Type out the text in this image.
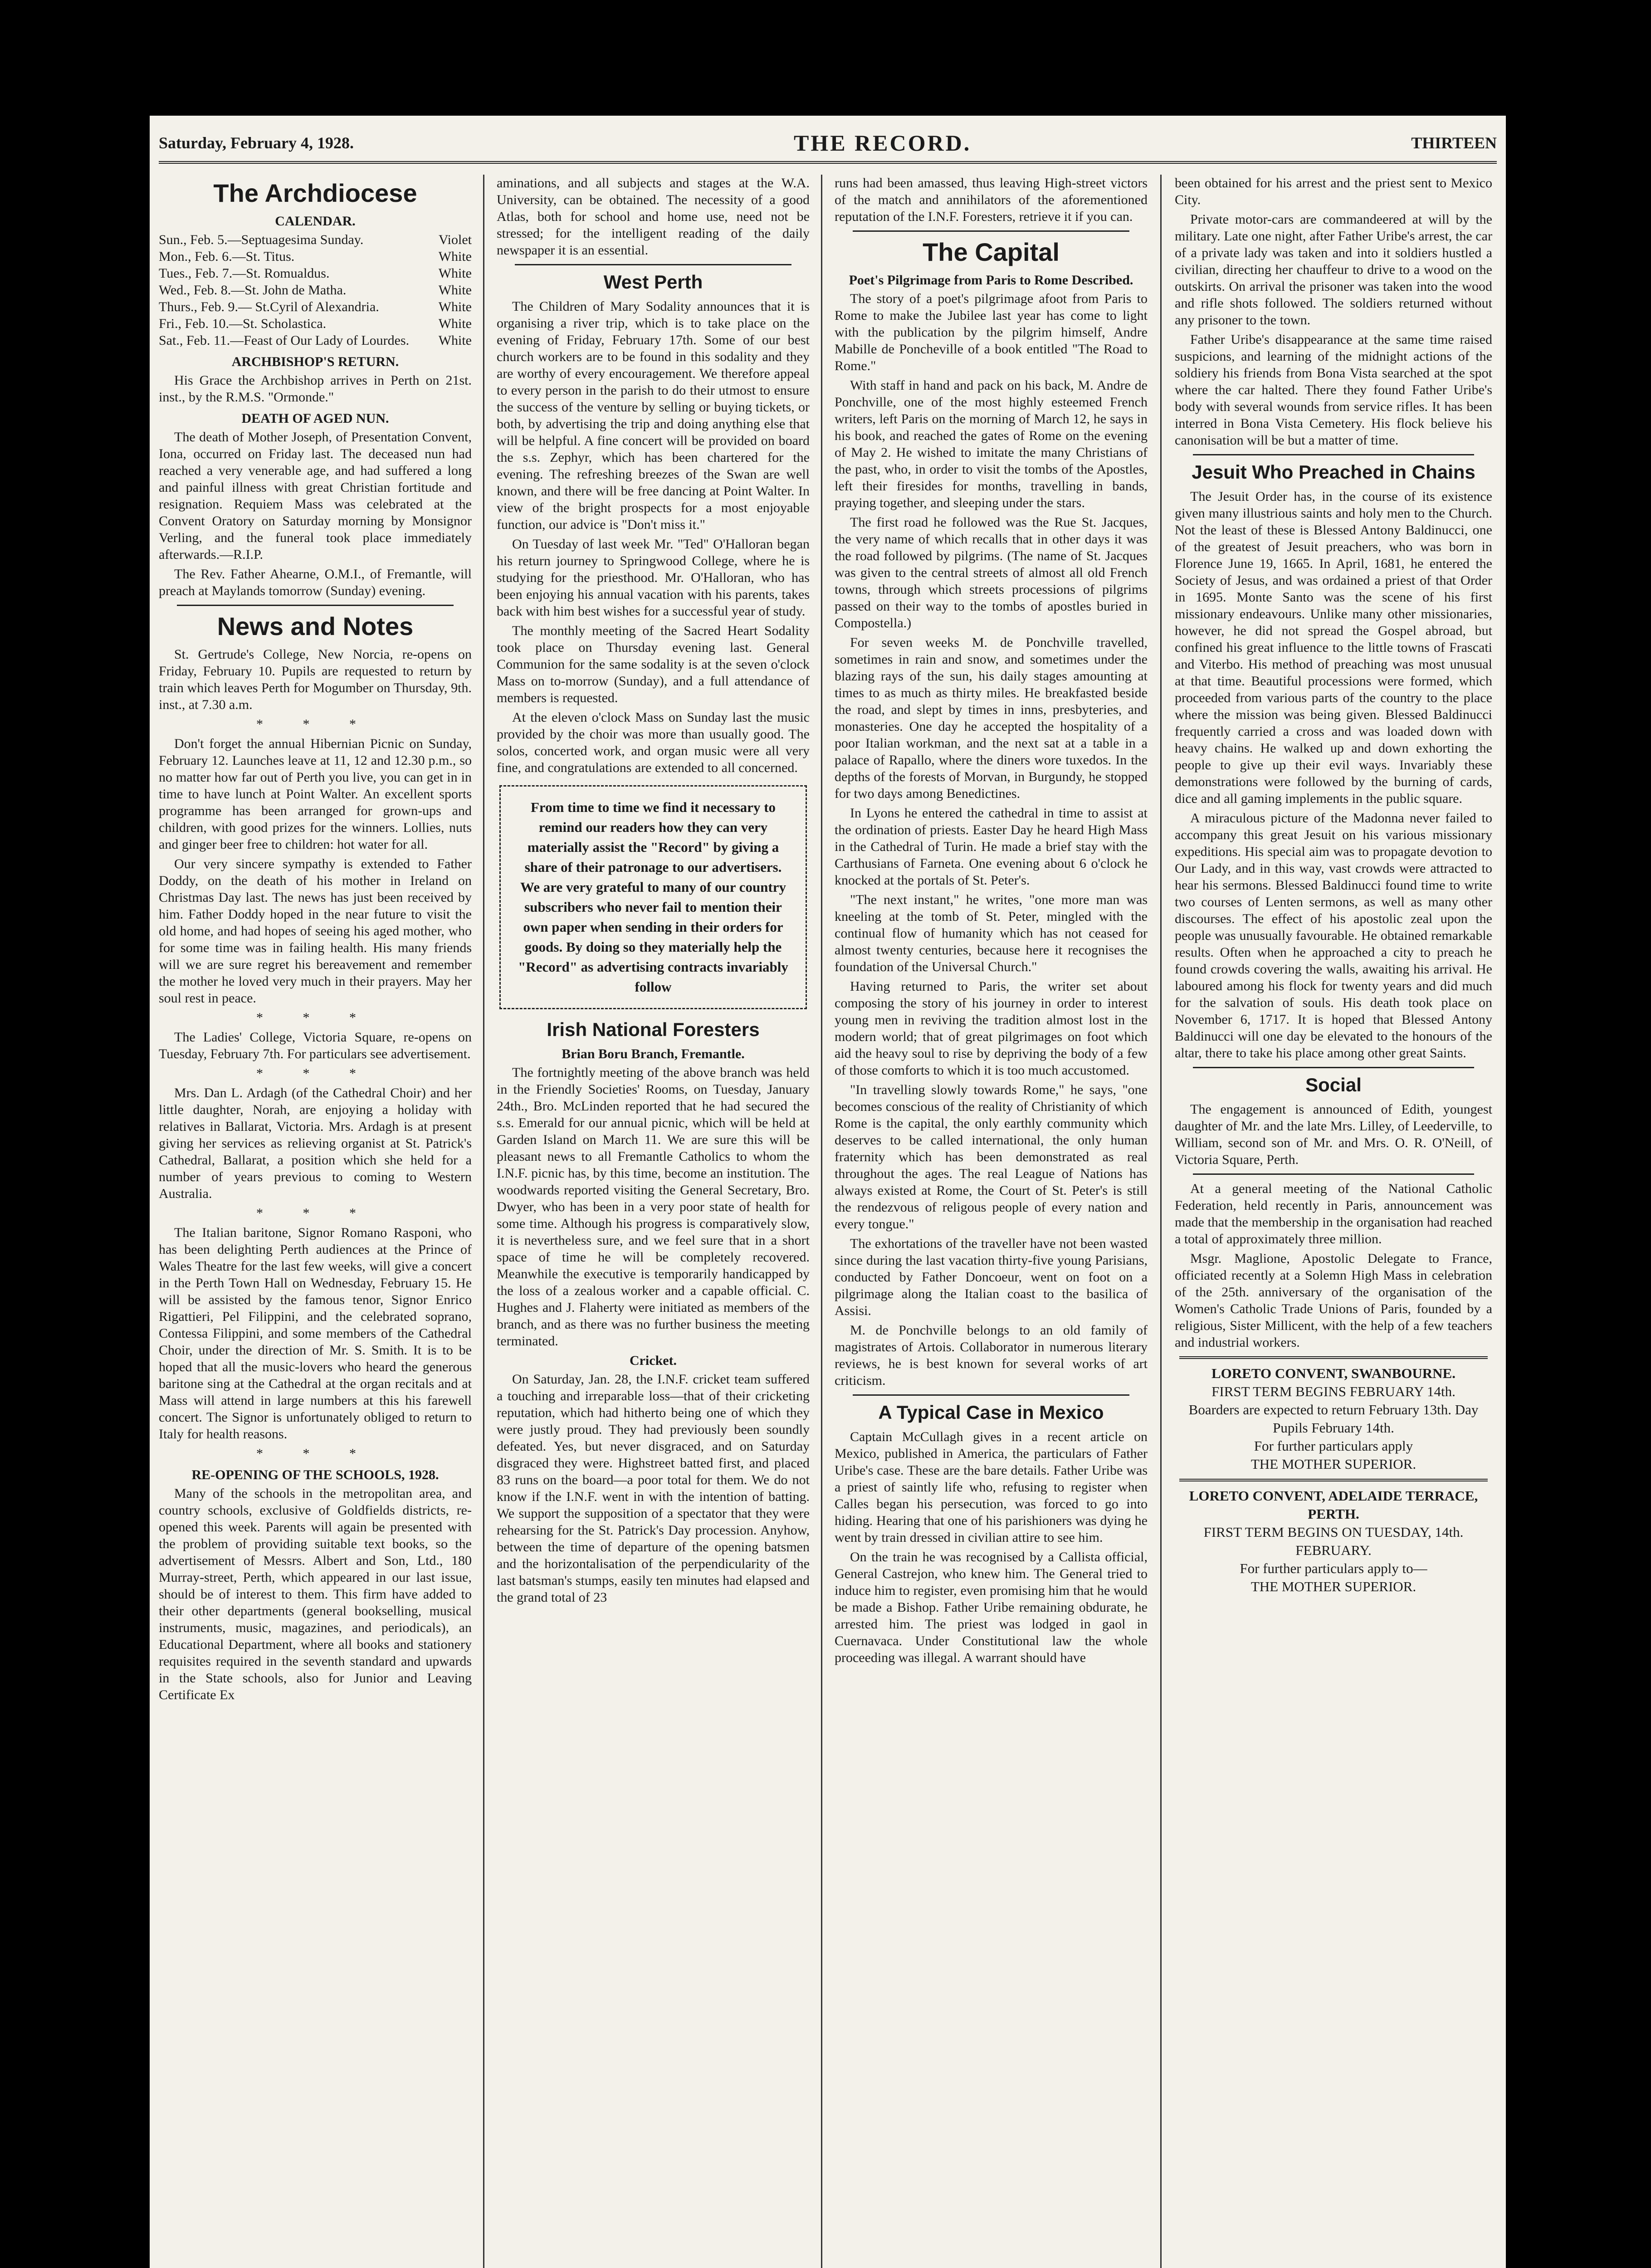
Saturday, February 4, 1928.	THE RECORD.	THIRTEEN
The Archdiocese
CALENDAR.
Sun., Feb. 5.—Septuagesima Sunday.	Violet
Mon., Feb. 6.—St. Titus.	White
Tues., Feb. 7.—St. Romualdus.	White
Wed., Feb. 8.—St. John de Matha.	White
Thurs., Feb. 9.— St.Cyril of Alexandria.	White
Fri., Feb. 10.—St. Scholastica.	White
Sat., Feb. 11.—Feast of Our Lady of Lourdes. White
ARCHBISHOP'S RETURN.

His Grace the Archbishop arrives in Perth on 21st. inst., by the R.M.S. "Ormonde."

DEATH OF AGED NUN.

The death of Mother Joseph, of Presentation Convent, Iona, occurred on Friday last. The deceased nun had reached a very venerable age, and had suffered a long and painful illness with great Christian fortitude and resignation. Requiem Mass was celebrated at the Convent Oratory on Saturday morning by Monsignor Verling, and the funeral took place immediately afterwards.—R.I.P.

The Rev. Father Ahearne, O.M.I., of Fremantle, will preach at Maylands tomorrow (Sunday) evening.

News and Notes

St. Gertrude's College, New Norcia, re-opens on Friday, February 10. Pupils are requested to return by train which leaves Perth for Mogumber on Thursday, 9th. inst., at 7.30 a.m.

* * *

Don't forget the annual Hibernian Picnic on Sunday, February 12. Launches leave at 11, 12 and 12.30 p.m., so no matter how far out of Perth you live, you can get in in time to have lunch at Point Walter. An excellent sports programme has been arranged for grown-ups and children, with good prizes for the winners. Lollies, nuts and ginger beer free to children: hot water for all.

Our very sincere sympathy is extended to Father Doddy, on the death of his mother in Ireland on Christmas Day last. The news has just been received by him. Father Doddy hoped in the near future to visit the old home, and had hopes of seeing his aged mother, who for some time was in failing health. His many friends will we are sure regret his bereavement and remember the mother he loved very much in their prayers. May her soul rest in peace.

* * *

The Ladies' College, Victoria Square, re-opens on Tuesday, February 7th. For particulars see advertisement.

* * *

Mrs. Dan L. Ardagh (of the Cathedral Choir) and her little daughter, Norah, are enjoying a holiday with relatives in Ballarat, Victoria. Mrs. Ardagh is at present giving her services as relieving organist at St. Patrick's Cathedral, Ballarat, a position which she held for a number of years previous to coming to Western Australia.

* * *

The Italian baritone, Signor Romano Rasponi, who has been delighting Perth audiences at the Prince of Wales Theatre for the last few weeks, will give a concert in the Perth Town Hall on Wednesday, February 15. He will be assisted by the famous tenor, Signor Enrico Rigattieri, Pel Filippini, and the celebrated soprano, Contessa Filippini, and some members of the Cathedral Choir, under the direction of Mr. S. Smith. It is to be hoped that all the music-lovers who heard the generous baritone sing at the Cathedral at the organ recitals and at Mass will attend in large numbers at this his farewell concert. The Signor is unfortunately obliged to return to Italy for health reasons.

* * *
RE-OPENING OF THE SCHOOLS, 1928.

Many of the schools in the metropolitan area, and country schools, exclusive of Goldfields districts, re-opened this week. Parents will again be presented with the problem of providing suitable text books, so the advertisement of Messrs. Albert and Son, Ltd., 180 Murray-street, Perth, which appeared in our last issue, should be of interest to them. This firm have added to their other departments (general bookselling, musical instruments, music, magazines, and periodicals), an Educational Department, where all books and stationery requisites required in the seventh standard and upwards in the State schools, also for Junior and Leaving Certificate Ex

aminations, and all subjects and stages at the W.A. University, can be obtained. The necessity of a good Atlas, both for school and home use, need not be stressed; for the intelligent reading of the daily newspaper it is an essential.

West Perth

The Children of Mary Sodality announces that it is organising a river trip, which is to take place on the evening of Friday, February 17th. Some of our best church workers are to be found in this sodality and they are worthy of every encouragement. We therefore appeal to every person in the parish to do their utmost to ensure the success of the venture by selling or buying tickets, or both, by advertising the trip and doing anything else that will be helpful. A fine concert will be provided on board the s.s. Zephyr, which has been chartered for the evening. The refreshing breezes of the Swan are well known, and there will be free dancing at Point Walter. In view of the bright prospects for a most enjoyable function, our advice is "Don't miss it."

On Tuesday of last week Mr. "Ted" O'Halloran began his return journey to Springwood College, where he is studying for the priesthood. Mr. O'Halloran, who has been enjoying his annual vacation with his parents, takes back with him best wishes for a successful year of study.

The monthly meeting of the Sacred Heart Sodality took place on Thursday evening last. General Communion for the same sodality is at the seven o'clock Mass on to-morrow (Sunday), and a full attendance of members is requested.

At the eleven o'clock Mass on Sunday last the music provided by the choir was more than usually good. The solos, concerted work, and organ music were all very fine, and congratulations are extended to all concerned.

From time to time we find it necessary to remind our readers how they can very materially assist the "Record" by giving a share of their patronage to our advertisers. We are very grateful to many of our country subscribers who never fail to mention their own paper when sending in their orders for goods. By doing so they materially help the "Record" as advertising contracts invariably follow
Irish National Foresters
Brian Boru Branch, Fremantle.

The fortnightly meeting of the above branch was held in the Friendly Societies' Rooms, on Tuesday, January 24th., Bro. McLinden reported that he had secured the s.s. Emerald for our annual picnic, which will be held at Garden Island on March 11. We are sure this will be pleasant news to all Fremantle Catholics to whom the I.N.F. picnic has, by this time, become an institution. The woodwards reported visiting the General Secretary, Bro. Dwyer, who has been in a very poor state of health for some time. Although his progress is comparatively slow, it is nevertheless sure, and we feel sure that in a short space of time he will be completely recovered. Meanwhile the executive is temporarily handicapped by the loss of a zealous worker and a capable official. C. Hughes and J. Flaherty were initiated as members of the branch, and as there was no further business the meeting terminated.

Cricket.

On Saturday, Jan. 28, the I.N.F. cricket team suffered a touching and irreparable loss—that of their cricketing reputation, which had hitherto being one of which they were justly proud. They had previously been soundly defeated. Yes, but never disgraced, and on Saturday disgraced they were. Highstreet batted first, and placed 83 runs on the board—a poor total for them. We do not know if the I.N.F. went in with the intention of batting. We support the supposition of a spectator that they were rehearsing for the St. Patrick's Day procession. Anyhow, between the time of departure of the opening batsmen and the horizontalisation of the perpendicularity of the last batsman's stumps, easily ten minutes had elapsed and the grand total of 23

runs had been amassed, thus leaving High-street victors of the match and annihilators of the aforementioned reputation of the I.N.F. Foresters, retrieve it if you can.

The Capital
Poet's Pilgrimage from Paris to Rome Described.

The story of a poet's pilgrimage afoot from Paris to Rome to make the Jubilee last year has come to light with the publication by the pilgrim himself, Andre Mabille de Poncheville of a book entitled "The Road to Rome."

With staff in hand and pack on his back, M. Andre de Ponchville, one of the most highly esteemed French writers, left Paris on the morning of March 12, he says in his book, and reached the gates of Rome on the evening of May 2. He wished to imitate the many Christians of the past, who, in order to visit the tombs of the Apostles, left their firesides for months, travelling in bands, praying together, and sleeping under the stars.

The first road he followed was the Rue St. Jacques, the very name of which recalls that in other days it was the road followed by pilgrims. (The name of St. Jacques was given to the central streets of almost all old French towns, through which streets processions of pilgrims passed on their way to the tombs of apostles buried in Compostella.)

For seven weeks M. de Ponchville travelled, sometimes in rain and snow, and sometimes under the blazing rays of the sun, his daily stages amounting at times to as much as thirty miles. He breakfasted beside the road, and slept by times in inns, presbyteries, and monasteries. One day he accepted the hospitality of a poor Italian workman, and the next sat at a table in a palace of Rapallo, where the diners wore tuxedos. In the depths of the forests of Morvan, in Burgundy, he stopped for two days among Benedictines.

In Lyons he entered the cathedral in time to assist at the ordination of priests. Easter Day he heard High Mass in the Cathedral of Turin. He made a brief stay with the Carthusians of Farneta. One evening about 6 o'clock he knocked at the portals of St. Peter's.

"The next instant," he writes, "one more man was kneeling at the tomb of St. Peter, mingled with the continual flow of humanity which has not ceased for almost twenty centuries, because here it recognises the foundation of the Universal Church."

Having returned to Paris, the writer set about composing the story of his journey in order to interest young men in reviving the tradition almost lost in the modern world; that of great pilgrimages on foot which aid the heavy soul to rise by depriving the body of a few of those comforts to which it is too much accustomed.

"In travelling slowly towards Rome," he says, "one becomes conscious of the reality of Christianity of which Rome is the capital, the only earthly community which deserves to be called international, the only human fraternity which has been demonstrated as real throughout the ages. The real League of Nations has always existed at Rome, the Court of St. Peter's is still the rendezvous of religous people of every nation and every tongue."

The exhortations of the traveller have not been wasted since during the last vacation thirty-five young Parisians, conducted by Father Doncoeur, went on foot on a pilgrimage along the Italian coast to the basilica of Assisi.

M. de Ponchville belongs to an old family of magistrates of Artois. Collaborator in numerous literary reviews, he is best known for several works of art criticism.

A Typical Case in Mexico

Captain McCullagh gives in a recent article on Mexico, published in America, the particulars of Father Uribe's case. These are the bare details. Father Uribe was a priest of saintly life who, refusing to register when Calles began his persecution, was forced to go into hiding. Hearing that one of his parishioners was dying he went by train dressed in civilian attire to see him.

On the train he was recognised by a Callista official, General Castrejon, who knew him. The General tried to induce him to register, even promising him that he would be made a Bishop. Father Uribe remaining obdurate, he arrested him. The priest was lodged in gaol in Cuernavaca. Under Constitutional law the whole proceeding was illegal. A warrant should have

been obtained for his arrest and the priest sent to Mexico City.

Private motor-cars are commandeered at will by the military. Late one night, after Father Uribe's arrest, the car of a private lady was taken and into it soldiers hustled a civilian, directing her chauffeur to drive to a wood on the outskirts. On arrival the prisoner was taken into the wood and rifle shots followed. The soldiers returned without any prisoner to the town.

Father Uribe's disappearance at the same time raised suspicions, and learning of the midnight actions of the soldiery his friends from Bona Vista searched at the spot where the car halted. There they found Father Uribe's body with several wounds from service rifles. It has been interred in Bona Vista Cemetery. His flock believe his canonisation will be but a matter of time.

Jesuit Who Preached in Chains

The Jesuit Order has, in the course of its existence given many illustrious saints and holy men to the Church. Not the least of these is Blessed Antony Baldinucci, one of the greatest of Jesuit preachers, who was born in Florence June 19, 1665. In April, 1681, he entered the Society of Jesus, and was ordained a priest of that Order in 1695. Monte Santo was the scene of his first missionary endeavours. Unlike many other missionaries, however, he did not spread the Gospel abroad, but confined his great influence to the little towns of Frascati and Viterbo. His method of preaching was most unusual at that time. Beautiful processions were formed, which proceeded from various parts of the country to the place where the mission was being given. Blessed Baldinucci frequently carried a cross and was loaded down with heavy chains. He walked up and down exhorting the people to give up their evil ways. Invariably these demonstrations were followed by the burning of cards, dice and all gaming implements in the public square.

A miraculous picture of the Madonna never failed to accompany this great Jesuit on his various missionary expeditions. His special aim was to propagate devotion to Our Lady, and in this way, vast crowds were attracted to hear his sermons. Blessed Baldinucci found time to write two courses of Lenten sermons, as well as many other discourses. The effect of his apostolic zeal upon the people was unusually favourable. He obtained remarkable results. Often when he approached a city to preach he found crowds covering the walls, awaiting his arrival. He laboured among his flock for twenty years and did much for the salvation of souls. His death took place on November 6, 1717. It is hoped that Blessed Antony Baldinucci will one day be elevated to the honours of the altar, there to take his place among other great Saints.

Social

The engagement is announced of Edith, youngest daughter of Mr. and the late Mrs. Lilley, of Leederville, to William, second son of Mr. and Mrs. O. R. O'Neill, of Victoria Square, Perth.

At a general meeting of the National Catholic Federation, held recently in Paris, announcement was made that the membership in the organisation had reached a total of approximately three million.

Msgr. Maglione, Apostolic Delegate to France, officiated recently at a Solemn High Mass in celebration of the 25th. anniversary of the organisation of the Women's Catholic Trade Unions of Paris, founded by a religious, Sister Millicent, with the help of a few teachers and industrial workers.

LORETO CONVENT, SWANBOURNE.
FIRST TERM BEGINS FEBRUARY 14th.
Boarders are expected to return February 13th. Day Pupils February 14th.
For further particulars apply
THE MOTHER SUPERIOR.
LORETO CONVENT, ADELAIDE TERRACE, PERTH.
FIRST TERM BEGINS ON TUESDAY, 14th. FEBRUARY.
For further particulars apply to—
THE MOTHER SUPERIOR.
